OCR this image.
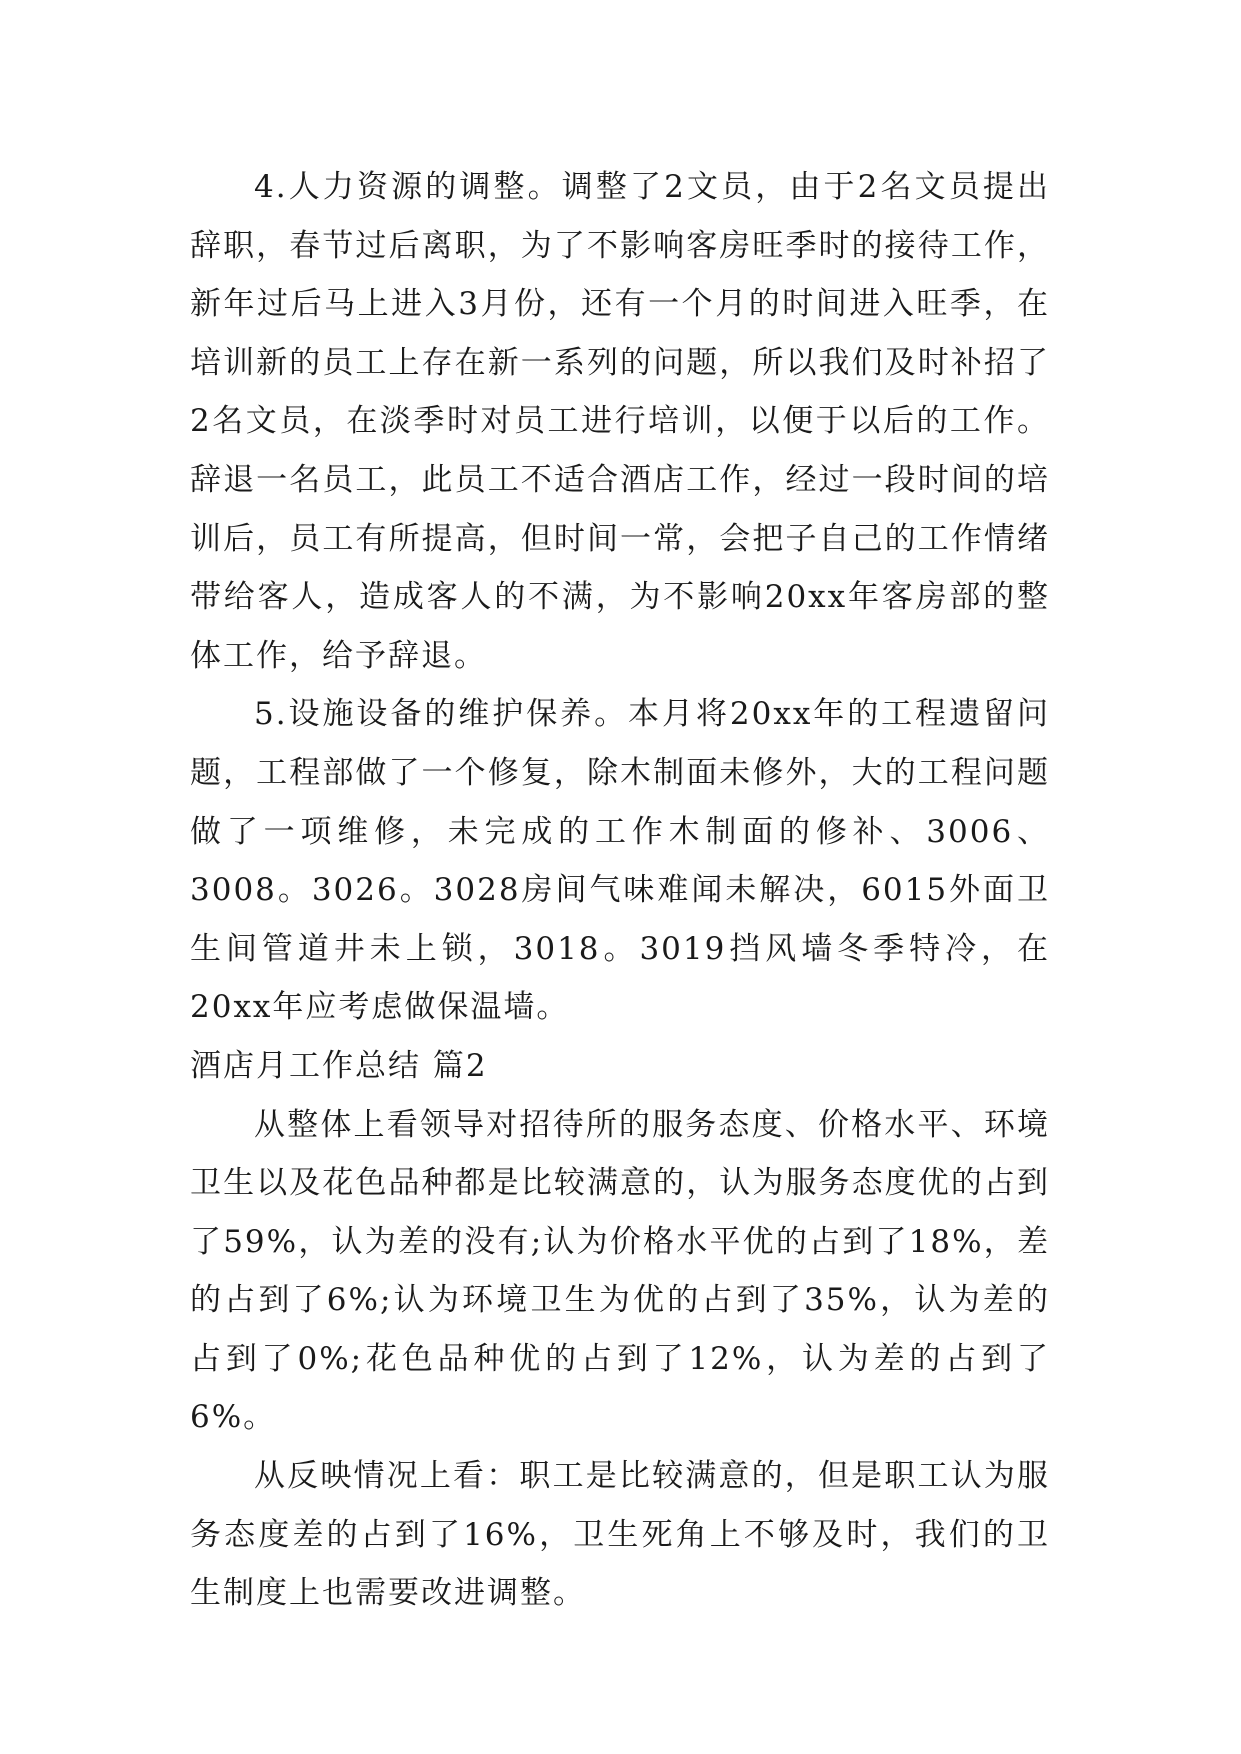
4.人力资源的调整。调整了2文员，由于2名文员提出辞职，春节过后离职，为了不影响客房旺季时的接待工作，新年过后马上进入3月份，还有一个月的时间进入旺季，在培训新的员工上存在新一系列的问题，所以我们及时补招了2名文员，在淡季时对员工进行培训，以便于以后的工作。辞退一名员工，此员工不适合酒店工作，经过一段时间的培训后，员工有所提高，但时间一常，会把子自己的工作情绪带给客人，造成客人的不满，为不影响20xx年客房部的整体工作，给予辞退。

5.设施设备的维护保养。本月将20xx年的工程遗留问题，工程部做了一个修复，除木制面未修外，大的工程问题做了一项维修，未完成的工作木制面的修补、3006、3008。3026。3028房间气味难闻未解决，6015外面卫生间管道井未上锁，3018。3019挡风墙冬季特冷，在20xx年应考虑做保温墙。

酒店月工作总结 篇2

从整体上看领导对招待所的服务态度、价格水平、环境卫生以及花色品种都是比较满意的，认为服务态度优的占到了59%，认为差的没有;认为价格水平优的占到了18%，差的占到了6%;认为环境卫生为优的占到了35%，认为差的占到了0%;花色品种优的占到了12%，认为差的占到了6%。

从反映情况上看：职工是比较满意的，但是职工认为服务态度差的占到了16%，卫生死角上不够及时，我们的卫生制度上也需要改进调整。
